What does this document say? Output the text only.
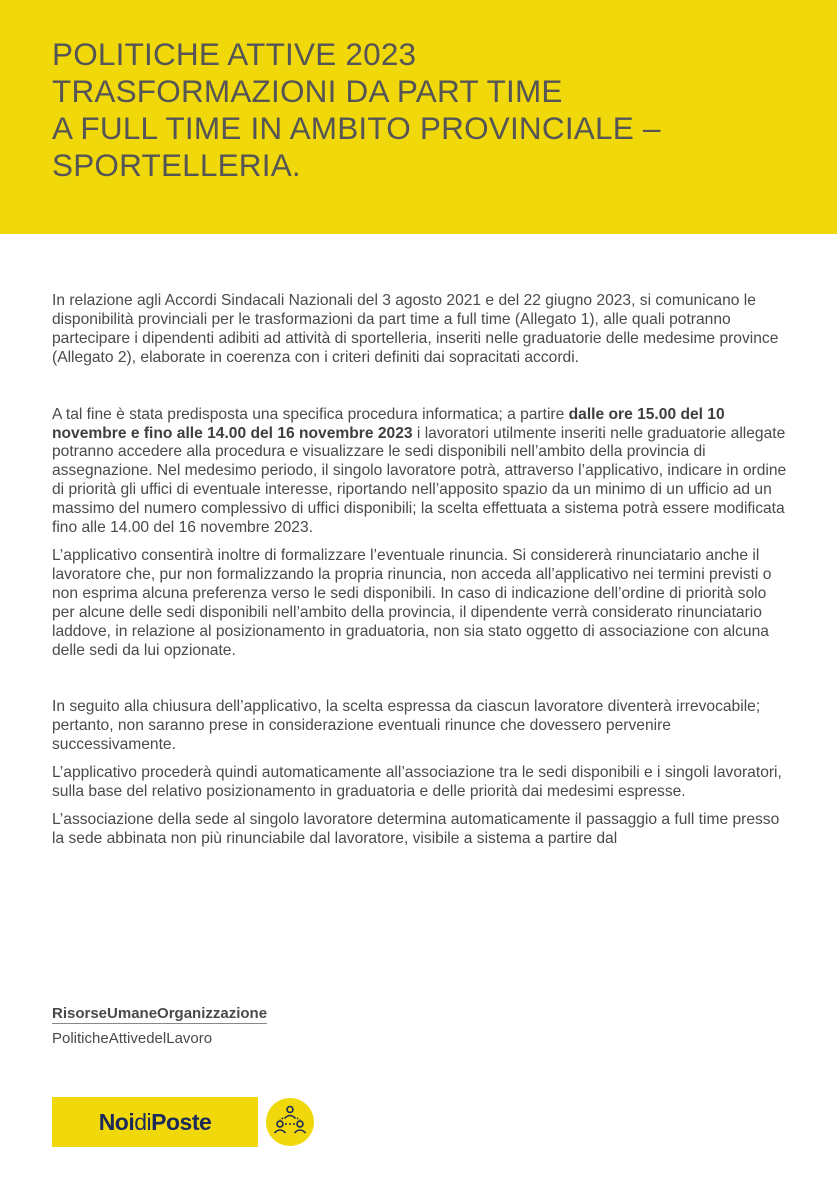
POLITICHE ATTIVE 2023
TRASFORMAZIONI DA PART TIME
A FULL TIME IN AMBITO PROVINCIALE –
SPORTELLERIA.

In relazione agli Accordi Sindacali Nazionali del 3 agosto 2021 e del 22 giugno 2023, si comunicano le disponibilità provinciali per le trasformazioni da part time a full time (Allegato 1), alle quali potranno partecipare i dipendenti adibiti ad attività di sportelleria, inseriti nelle graduatorie delle medesime province (Allegato 2), elaborate in coerenza con i criteri definiti dai sopracitati accordi.

A tal fine è stata predisposta una specifica procedura informatica; a partire dalle ore 15.00 del 10 novembre e fino alle 14.00 del 16 novembre 2023 i lavoratori utilmente inseriti nelle graduatorie allegate potranno accedere alla procedura e visualizzare le sedi disponibili nell’ambito della provincia di assegnazione. Nel medesimo periodo, il singolo lavoratore potrà, attraverso l’applicativo, indicare in ordine di priorità gli uffici di eventuale interesse, riportando nell’apposito spazio da un minimo di un ufficio ad un massimo del numero complessivo di uffici disponibili; la scelta effettuata a sistema potrà essere modificata fino alle 14.00 del 16 novembre 2023.

L’applicativo consentirà inoltre di formalizzare l’eventuale rinuncia. Si considererà rinunciatario anche il lavoratore che, pur non formalizzando la propria rinuncia, non acceda all’applicativo nei termini previsti o non esprima alcuna preferenza verso le sedi disponibili. In caso di indicazione dell’ordine di priorità solo per alcune delle sedi disponibili nell’ambito della provincia, il dipendente verrà considerato rinunciatario laddove, in relazione al posizionamento in graduatoria, non sia stato oggetto di associazione con alcuna delle sedi da lui opzionate.

In seguito alla chiusura dell’applicativo, la scelta espressa da ciascun lavoratore diventerà irrevocabile; pertanto, non saranno prese in considerazione eventuali rinunce che dovessero pervenire successivamente.

L’applicativo procederà quindi automaticamente all’associazione tra le sedi disponibili e i singoli lavoratori, sulla base del relativo posizionamento in graduatoria e delle priorità dai medesimi espresse.

L’associazione della sede al singolo lavoratore determina automaticamente il passaggio a full time presso la sede abbinata non più rinunciabile dal lavoratore, visibile a sistema a partire dal

RisorseUmaneOrganizzazione
PoliticheAttivedelLavoro
Noi di Poste
